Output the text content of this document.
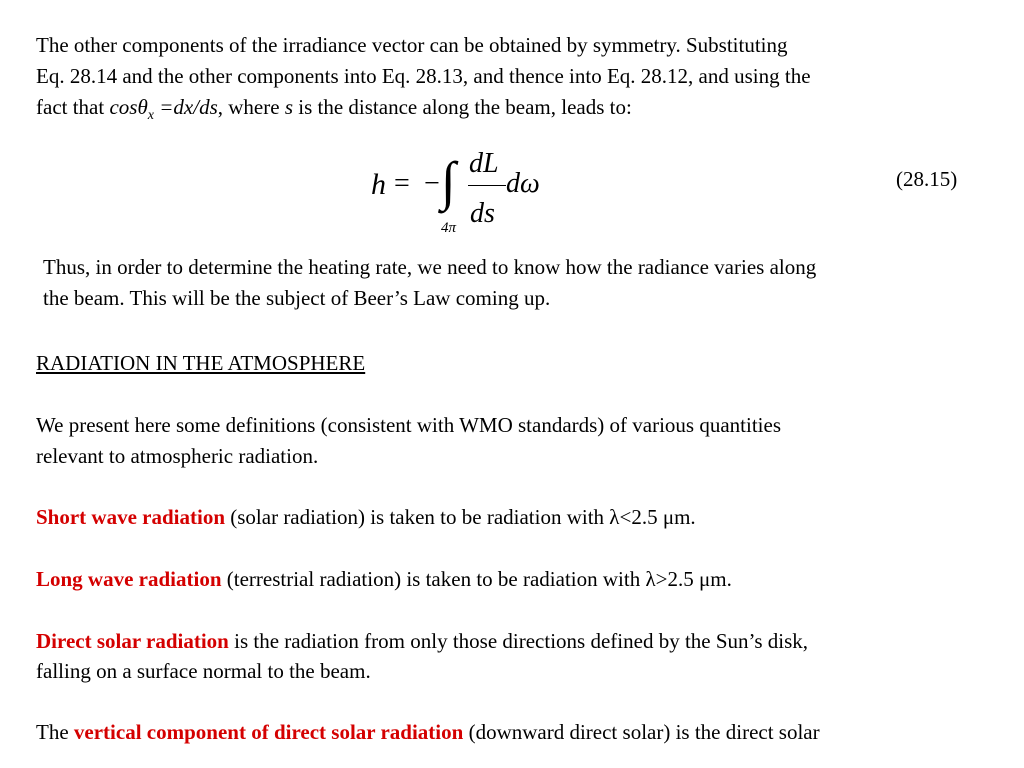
The other components of the irradiance vector can be obtained by symmetry. Substituting

Eq. 28.14 and the other components into Eq. 28.13, and thence into Eq. 28.12, and using the

fact that cosθ$_x$ =dx/ds, where s is the distance along the beam, leads to:

h = − ∫
4π
dL
ds
dω	(28.15)

Thus, in order to determine the heating rate, we need to know how the radiance varies along

the beam. This will be the subject of Beer’s Law coming up.

RADIATION IN THE ATMOSPHERE

We present here some definitions (consistent with WMO standards) of various quantities

relevant to atmospheric radiation.

Short wave radiation (solar radiation) is taken to be radiation with λ<2.5 μm.

Long wave radiation (terrestrial radiation) is taken to be radiation with λ>2.5 μm.

Direct solar radiation is the radiation from only those directions defined by the Sun’s disk,

falling on a surface normal to the beam.

The vertical component of direct solar radiation (downward direct solar) is the direct solar
